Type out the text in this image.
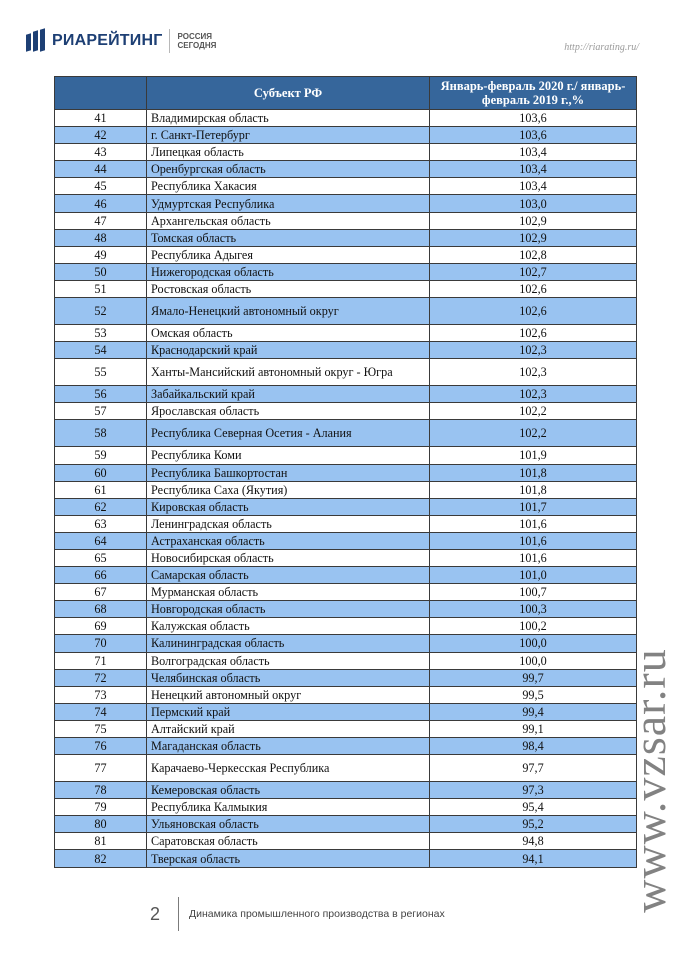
РИАРЕЙТИНГ РОССИЯ
СЕГОДНЯ	http://riarating.ru/
	Субъект РФ	Январь-февраль 2020 г./ январь-февраль 2019 г.,%
41	Владимирская область	103,6
42	г. Санкт-Петербург	103,6
43	Липецкая область	103,4
44	Оренбургская область	103,4
45	Республика Хакасия	103,4
46	Удмуртская Республика	103,0
47	Архангельская область	102,9
48	Томская область	102,9
49	Республика Адыгея	102,8
50	Нижегородская область	102,7
51	Ростовская область	102,6
52	Ямало-Ненецкий автономный округ	102,6
53	Омская область	102,6
54	Краснодарский край	102,3
55	Ханты-Мансийский автономный округ - Югра	102,3
56	Забайкальский край	102,3
57	Ярославская область	102,2
58	Республика Северная Осетия - Алания	102,2
59	Республика Коми	101,9
60	Республика Башкортостан	101,8
61	Республика Саха (Якутия)	101,8
62	Кировская область	101,7
63	Ленинградская область	101,6
64	Астраханская область	101,6
65	Новосибирская область	101,6
66	Самарская область	101,0
67	Мурманская область	100,7
68	Новгородская область	100,3
69	Калужская область	100,2
70	Калининградская область	100,0
71	Волгоградская область	100,0
72	Челябинская область	99,7
73	Ненецкий автономный округ	99,5
74	Пермский край	99,4
75	Алтайский край	99,1
76	Магаданская область	98,4
77	Карачаево-Черкесская Республика	97,7
78	Кемеровская область	97,3
79	Республика Калмыкия	95,4
80	Ульяновская область	95,2
81	Саратовская область	94,8
82	Тверская область	94,1
2	Динамика промышленного производства в регионах
www.vzsar.ru
